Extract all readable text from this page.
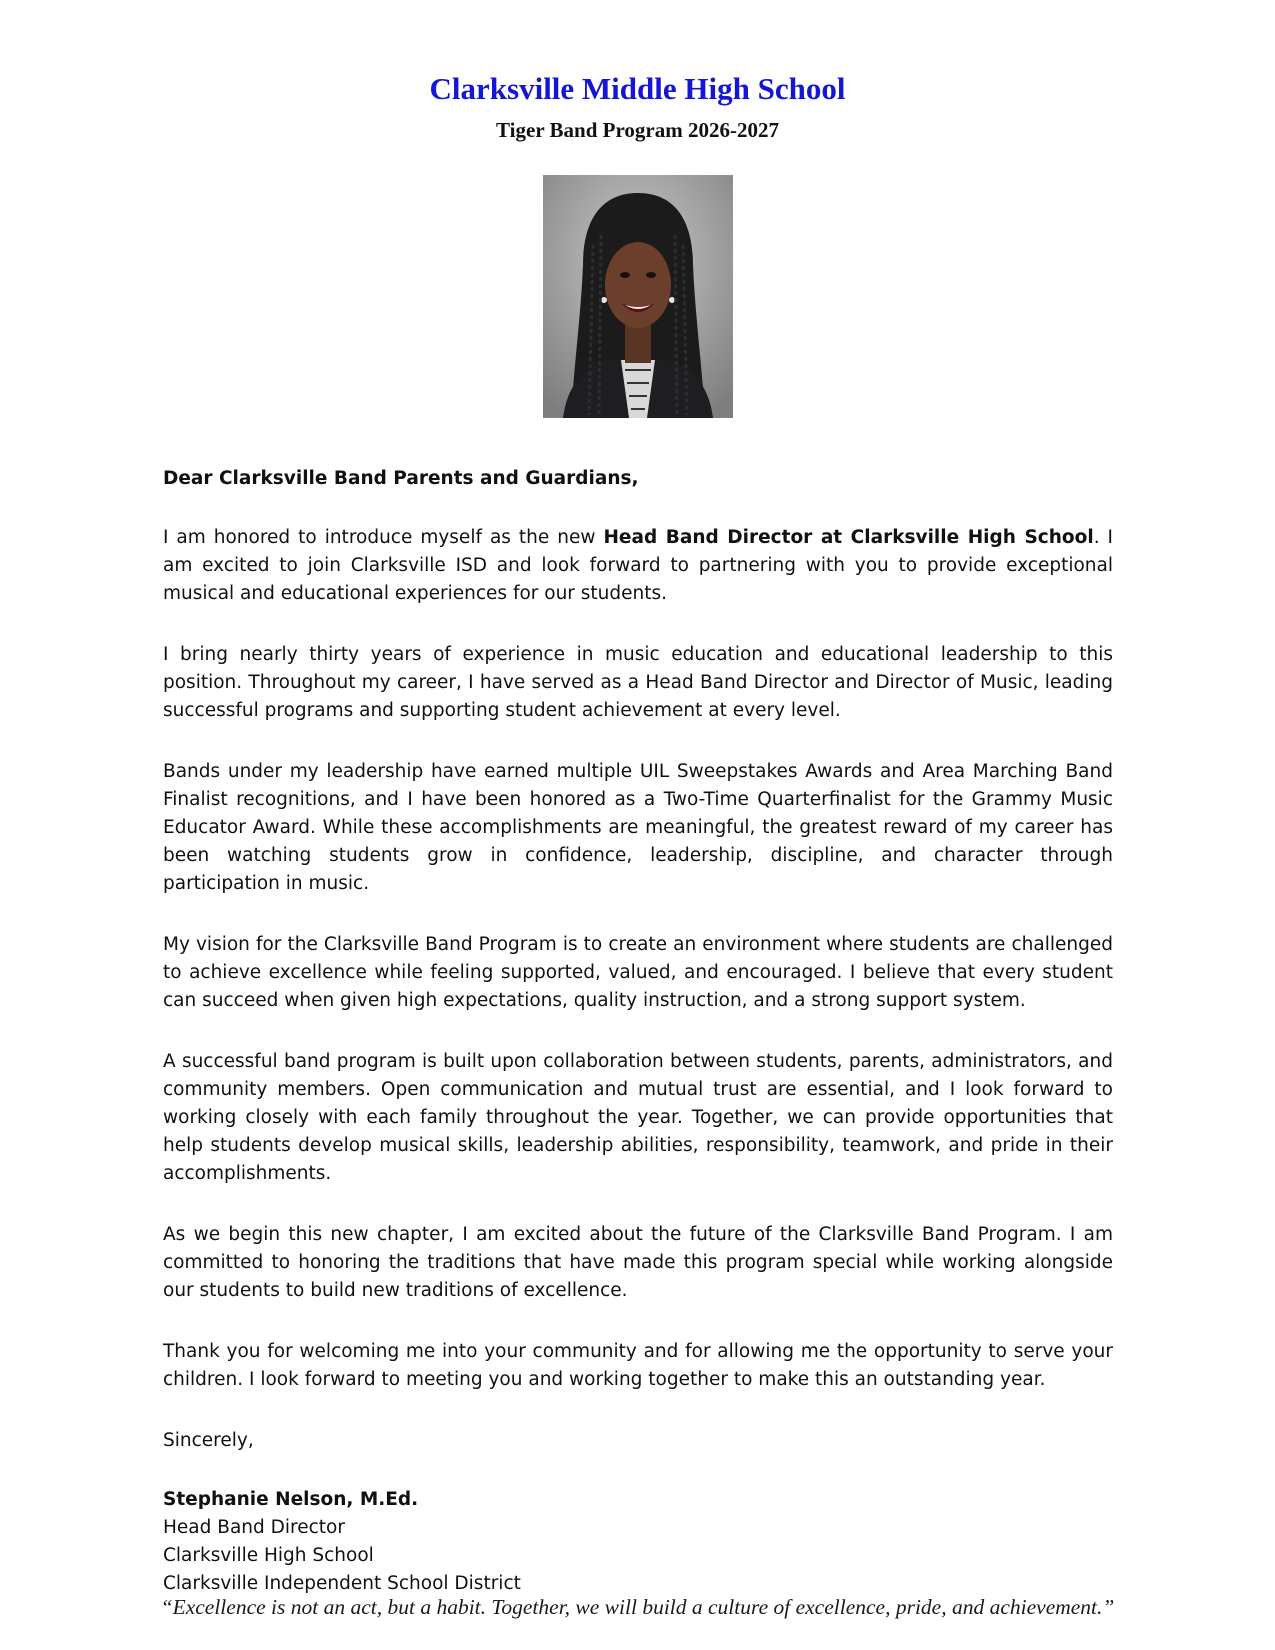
Clarksville Middle High School
Tiger Band Program 2026-2027

Dear Clarksville Band Parents and Guardians,

I am honored to introduce myself as the new Head Band Director at Clarksville High School. I am excited to join Clarksville ISD and look forward to partnering with you to provide exceptional musical and educational experiences for our students.

I bring nearly thirty years of experience in music education and educational leadership to this position. Throughout my career, I have served as a Head Band Director and Director of Music, leading successful programs and supporting student achievement at every level.

Bands under my leadership have earned multiple UIL Sweepstakes Awards and Area Marching Band Finalist recognitions, and I have been honored as a Two-Time Quarterfinalist for the Grammy Music Educator Award. While these accomplishments are meaningful, the greatest reward of my career has been watching students grow in confidence, leadership, discipline, and character through participation in music.

My vision for the Clarksville Band Program is to create an environment where students are challenged to achieve excellence while feeling supported, valued, and encouraged. I believe that every student can succeed when given high expectations, quality instruction, and a strong support system.

A successful band program is built upon collaboration between students, parents, administrators, and community members. Open communication and mutual trust are essential, and I look forward to working closely with each family throughout the year. Together, we can provide opportunities that help students develop musical skills, leadership abilities, responsibility, teamwork, and pride in their accomplishments.

As we begin this new chapter, I am excited about the future of the Clarksville Band Program. I am committed to honoring the traditions that have made this program special while working alongside our students to build new traditions of excellence.

Thank you for welcoming me into your community and for allowing me the opportunity to serve your children. I look forward to meeting you and working together to make this an outstanding year.

Sincerely,

Stephanie Nelson, M.Ed.
Head Band Director
Clarksville High School
Clarksville Independent School District
“Excellence is not an act, but a habit. Together, we will build a culture of excellence, pride, and achievement.”
